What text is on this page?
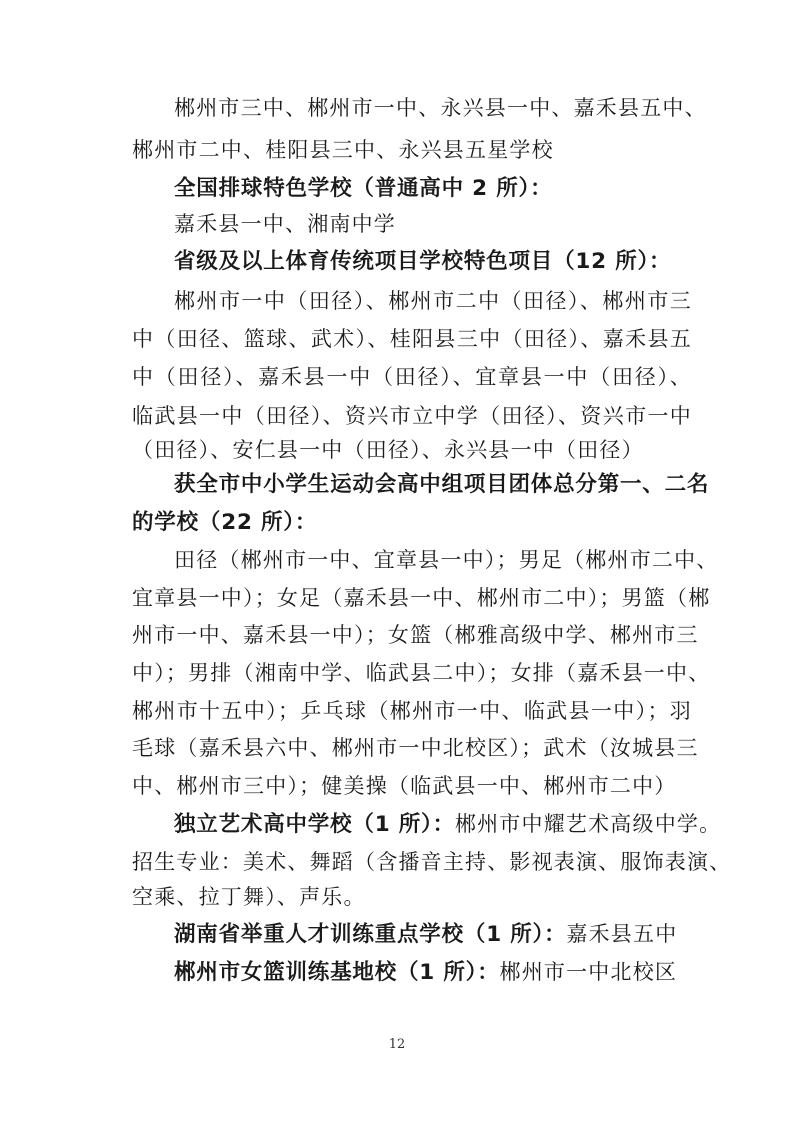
郴州市三中、郴州市一中、永兴县一中、嘉禾县五中、
郴州市二中、桂阳县三中、永兴县五星学校
全国排球特色学校（普通高中 2 所）：
嘉禾县一中、湘南中学
省级及以上体育传统项目学校特色项目（12 所）：
郴州市一中（田径）、郴州市二中（田径）、郴州市三
中（田径、篮球、武术）、桂阳县三中（田径）、嘉禾县五
中（田径）、嘉禾县一中（田径）、宜章县一中（田径）、
临武县一中（田径）、资兴市立中学（田径）、资兴市一中
（田径）、安仁县一中（田径）、永兴县一中（田径）
获全市中小学生运动会高中组项目团体总分第一、二名
的学校（22 所）：
田径（郴州市一中、宜章县一中）；男足（郴州市二中、
宜章县一中）；女足（嘉禾县一中、郴州市二中）；男篮（郴
州市一中、嘉禾县一中）；女篮（郴雅高级中学、郴州市三
中）；男排（湘南中学、临武县二中）；女排（嘉禾县一中、
郴州市十五中）；乒乓球（郴州市一中、临武县一中）；羽
毛球（嘉禾县六中、郴州市一中北校区）；武术（汝城县三
中、郴州市三中）；健美操（临武县一中、郴州市二中）
独立艺术高中学校（1 所）：郴州市中耀艺术高级中学。
招生专业：美术、舞蹈（含播音主持、影视表演、服饰表演、
空乘、拉丁舞）、声乐。
湖南省举重人才训练重点学校（1 所）：嘉禾县五中
郴州市女篮训练基地校（1 所）：郴州市一中北校区
12
